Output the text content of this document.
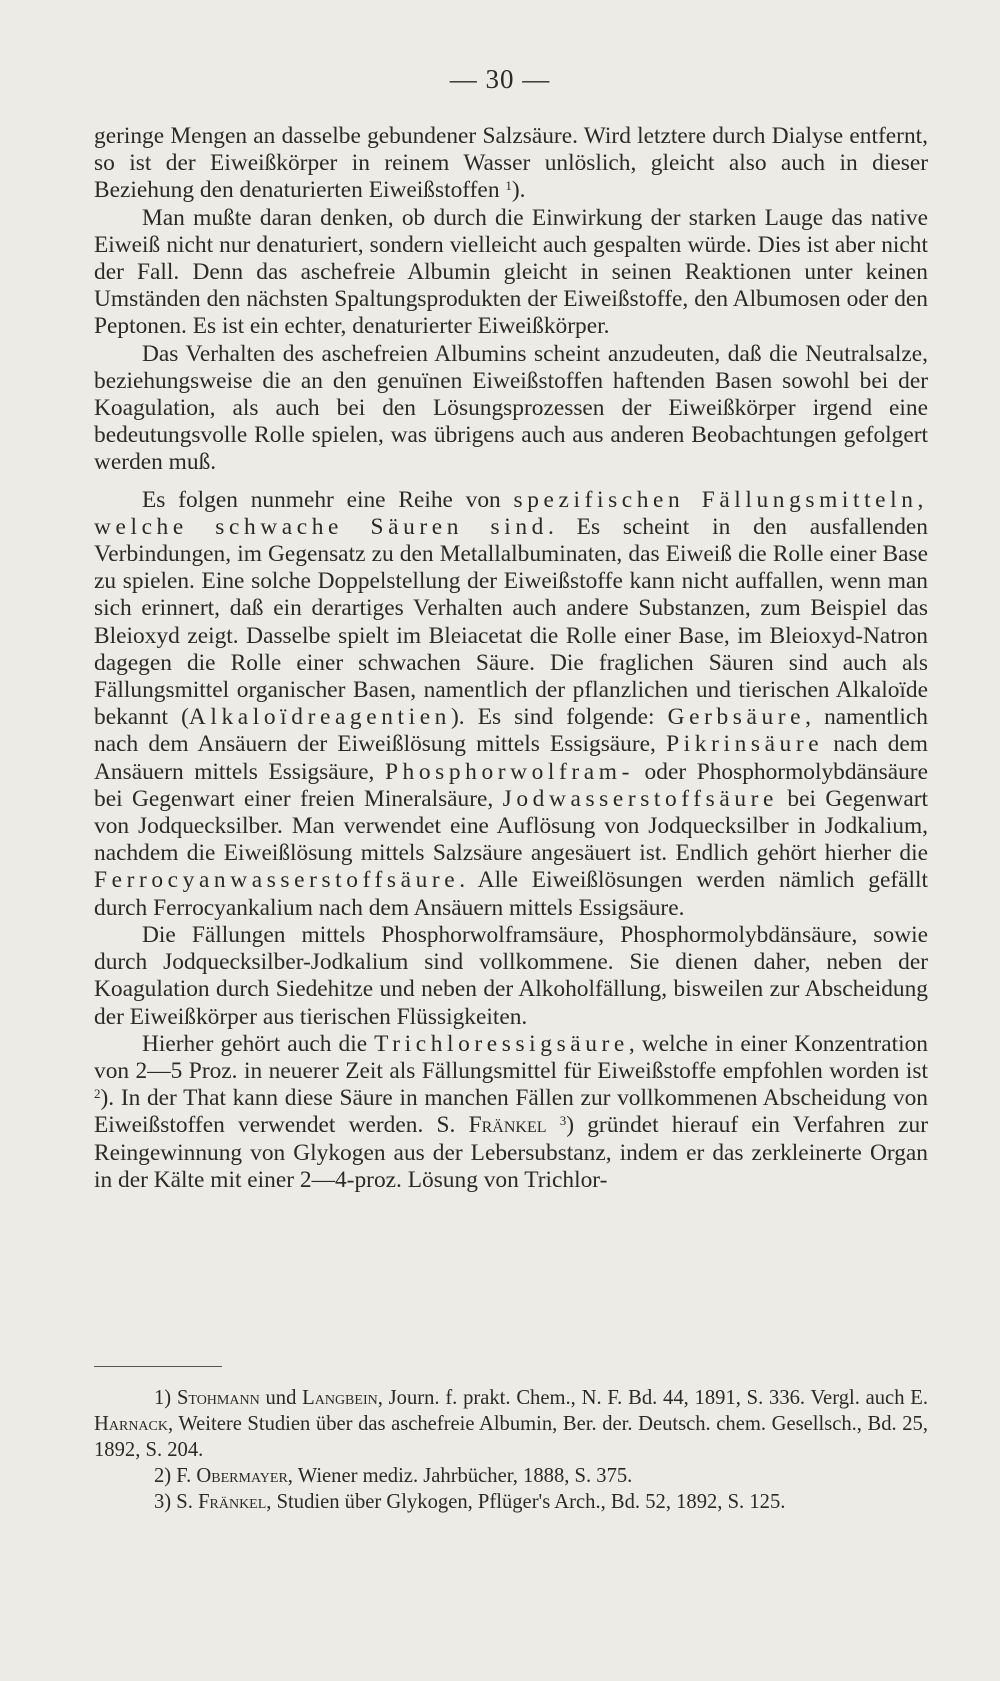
— 30 —

geringe Mengen an dasselbe gebundener Salzsäure. Wird letztere durch Dialyse entfernt, so ist der Eiweißkörper in reinem Wasser unlöslich, gleicht also auch in dieser Beziehung den denaturierten Eiweißstoffen $^1$).

Man mußte daran denken, ob durch die Einwirkung der starken Lauge das native Eiweiß nicht nur denaturiert, sondern vielleicht auch gespalten würde. Dies ist aber nicht der Fall. Denn das aschefreie Albumin gleicht in seinen Reaktionen unter keinen Umständen den nächsten Spaltungsprodukten der Eiweißstoffe, den Albumosen oder den Peptonen. Es ist ein echter, denaturierter Eiweißkörper.

Das Verhalten des aschefreien Albumins scheint anzudeuten, daß die Neutralsalze, beziehungsweise die an den genuïnen Eiweißstoffen haftenden Basen sowohl bei der Koagulation, als auch bei den Lösungsprozessen der Eiweißkörper irgend eine bedeutungsvolle Rolle spielen, was übrigens auch aus anderen Beobachtungen gefolgert werden muß.

Es folgen nunmehr eine Reihe von spezifischen Fällungsmitteln, welche schwache Säuren sind. Es scheint in den ausfallenden Verbindungen, im Gegensatz zu den Metallalbuminaten, das Eiweiß die Rolle einer Base zu spielen. Eine solche Doppelstellung der Eiweißstoffe kann nicht auffallen, wenn man sich erinnert, daß ein derartiges Verhalten auch andere Substanzen, zum Beispiel das Bleioxyd zeigt. Dasselbe spielt im Bleiacetat die Rolle einer Base, im Bleioxyd-Natron dagegen die Rolle einer schwachen Säure. Die fraglichen Säuren sind auch als Fällungsmittel organischer Basen, namentlich der pflanzlichen und tierischen Alkaloïde bekannt (Alkaloïdreagentien). Es sind folgende: Gerbsäure, namentlich nach dem Ansäuern der Eiweißlösung mittels Essigsäure, Pikrinsäure nach dem Ansäuern mittels Essigsäure, Phosphorwolfram- oder Phosphormolybdänsäure bei Gegenwart einer freien Mineralsäure, Jodwasserstoffsäure bei Gegenwart von Jodquecksilber. Man verwendet eine Auflösung von Jodquecksilber in Jodkalium, nachdem die Eiweißlösung mittels Salzsäure angesäuert ist. Endlich gehört hierher die Ferrocyanwasserstoffsäure. Alle Eiweißlösungen werden nämlich gefällt durch Ferrocyankalium nach dem Ansäuern mittels Essigsäure.

Die Fällungen mittels Phosphorwolframsäure, Phosphormolybdänsäure, sowie durch Jodquecksilber-Jodkalium sind vollkommene. Sie dienen daher, neben der Koagulation durch Siedehitze und neben der Alkoholfällung, bisweilen zur Abscheidung der Eiweißkörper aus tierischen Flüssigkeiten.

Hierher gehört auch die Trichloressigsäure, welche in einer Konzentration von 2—5 Proz. in neuerer Zeit als Fällungsmittel für Eiweißstoffe empfohlen worden ist $^2$). In der That kann diese Säure in manchen Fällen zur vollkommenen Abscheidung von Eiweißstoffen verwendet werden. S. Fränkel $^3$) gründet hierauf ein Verfahren zur Reingewinnung von Glykogen aus der Lebersubstanz, indem er das zerkleinerte Organ in der Kälte mit einer 2—4-proz. Lösung von Trichlor-

1) Stohmann und Langbein, Journ. f. prakt. Chem., N. F. Bd. 44, 1891, S. 336. Vergl. auch E. Harnack, Weitere Studien über das aschefreie Albumin, Ber. der. Deutsch. chem. Gesellsch., Bd. 25, 1892, S. 204.

2) F. Obermayer, Wiener mediz. Jahrbücher, 1888, S. 375.

3) S. Fränkel, Studien über Glykogen, Pflüger's Arch., Bd. 52, 1892, S. 125.
